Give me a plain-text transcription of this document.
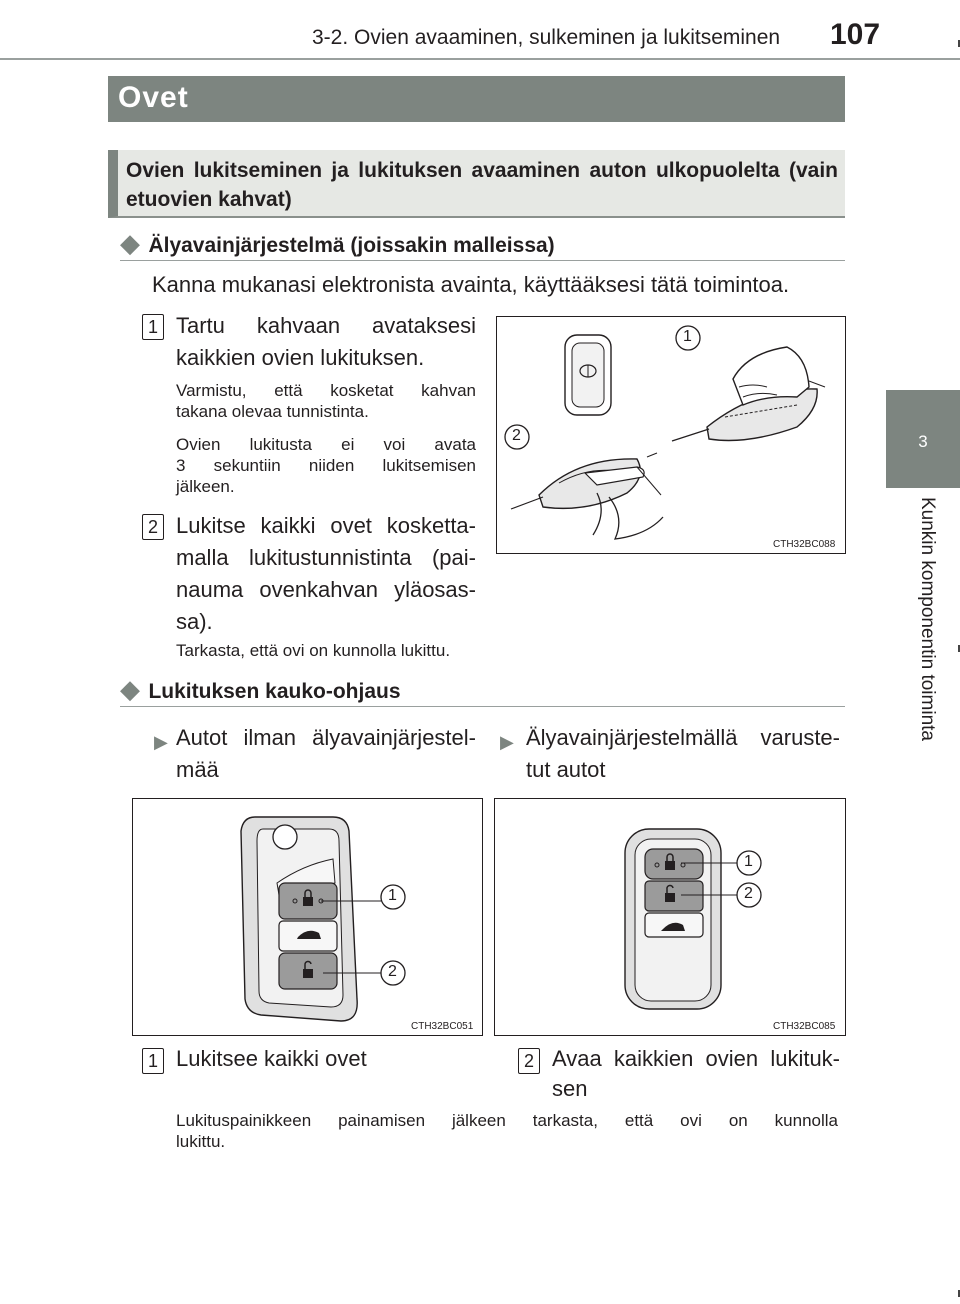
3-2. Ovien avaaminen, sulkeminen ja lukitseminen 107
3
Kunkin komponentin toiminta
Ovet
Ovien lukitseminen ja lukituksen avaaminen auton ulkopuolelta (vain etuovien kahvat)
◆ Älyavainjärjestelmä (joissakin malleissa)
Kanna mukanasi elektronista avainta, käyttääksesi tätä toimintoa.
1 Tartu kahvaan avataksesi
kaikkien ovien lukituksen.
Varmistu, että kosketat kahvan
takana olevaa tunnistinta.
Ovien lukitusta ei voi avata
3 sekuntiin niiden lukitsemisen
jälkeen.
2 Lukitse kaikki ovet kosketta-
malla lukitustunnistinta (pai-
nauma ovenkahvan yläosas-
sa).
1
2
CTH32BC088
Tarkasta, että ovi on kunnolla lukittu.
◆ Lukituksen kauko-ohjaus
▶ Autot ilman älyavainjärjestel-
mää
▶ Älyavainjärjestelmällä varuste-
tut autot
1
2
CTH32BC051
1
2
CTH32BC085
1 Lukitsee kaikki ovet	2 Avaa kaikkien ovien lukituk-
sen
Lukituspainikkeen painamisen jälkeen tarkasta, että ovi on kunnolla
lukittu.
